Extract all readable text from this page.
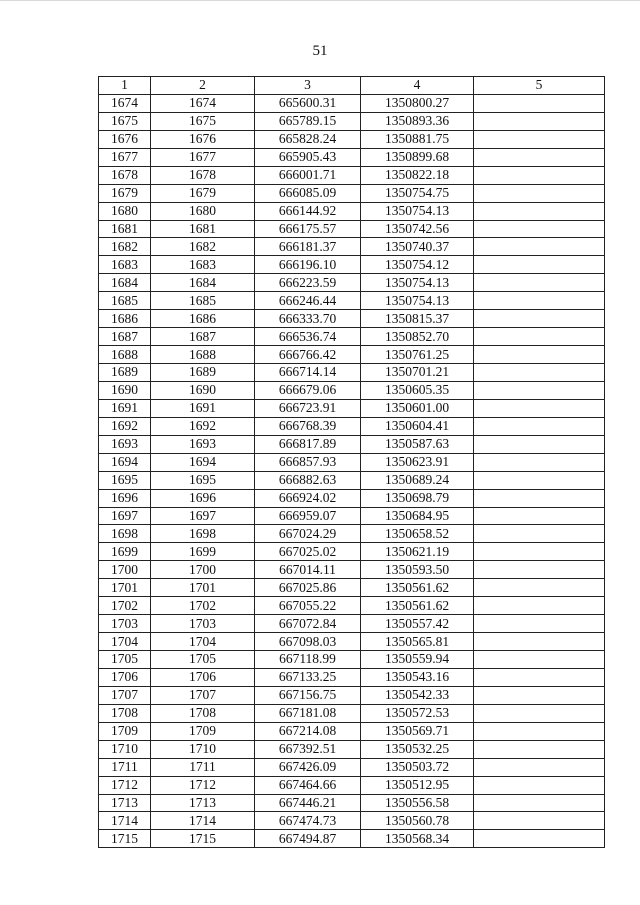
51
1	2	3	4	5
1674	1674	665600.31	1350800.27	
1675	1675	665789.15	1350893.36	
1676	1676	665828.24	1350881.75	
1677	1677	665905.43	1350899.68	
1678	1678	666001.71	1350822.18	
1679	1679	666085.09	1350754.75	
1680	1680	666144.92	1350754.13	
1681	1681	666175.57	1350742.56	
1682	1682	666181.37	1350740.37	
1683	1683	666196.10	1350754.12	
1684	1684	666223.59	1350754.13	
1685	1685	666246.44	1350754.13	
1686	1686	666333.70	1350815.37	
1687	1687	666536.74	1350852.70	
1688	1688	666766.42	1350761.25	
1689	1689	666714.14	1350701.21	
1690	1690	666679.06	1350605.35	
1691	1691	666723.91	1350601.00	
1692	1692	666768.39	1350604.41	
1693	1693	666817.89	1350587.63	
1694	1694	666857.93	1350623.91	
1695	1695	666882.63	1350689.24	
1696	1696	666924.02	1350698.79	
1697	1697	666959.07	1350684.95	
1698	1698	667024.29	1350658.52	
1699	1699	667025.02	1350621.19	
1700	1700	667014.11	1350593.50	
1701	1701	667025.86	1350561.62	
1702	1702	667055.22	1350561.62	
1703	1703	667072.84	1350557.42	
1704	1704	667098.03	1350565.81	
1705	1705	667118.99	1350559.94	
1706	1706	667133.25	1350543.16	
1707	1707	667156.75	1350542.33	
1708	1708	667181.08	1350572.53	
1709	1709	667214.08	1350569.71	
1710	1710	667392.51	1350532.25	
1711	1711	667426.09	1350503.72	
1712	1712	667464.66	1350512.95	
1713	1713	667446.21	1350556.58	
1714	1714	667474.73	1350560.78	
1715	1715	667494.87	1350568.34	
